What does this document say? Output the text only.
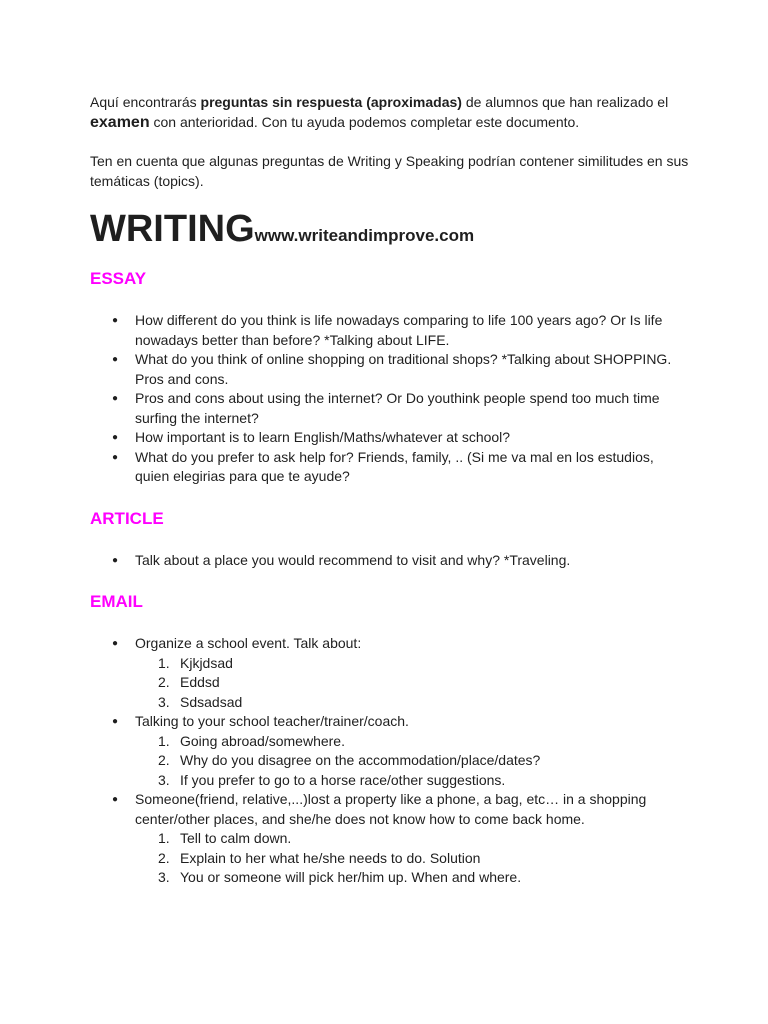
Aquí encontrarás preguntas sin respuesta (aproximadas) de alumnos que han realizado el examen con anterioridad. Con tu ayuda podemos completar este documento.

Ten en cuenta que algunas preguntas de Writing y Speaking podrían contener similitudes en sus temáticas (topics).

WRITINGwww.writeandimprove.com
ESSAY
● How different do you think is life nowadays comparing to life 100 years ago? Or Is life nowadays better than before? *Talking about LIFE.
● What do you think of online shopping on traditional shops? *Talking about SHOPPING. Pros and cons.
● Pros and cons about using the internet? Or Do youthink people spend too much time surfing the internet?
● How important is to learn English/Maths/whatever at school?
● What do you prefer to ask help for? Friends, family, .. (Si me va mal en los estudios, quien elegirias para que te ayude?
ARTICLE
● Talk about a place you would recommend to visit and why? *Traveling.
EMAIL
● Organize a school event. Talk about:
1. Kjkjdsad
2. Eddsd
3. Sdsadsad
● Talking to your school teacher/trainer/coach.
1. Going abroad/somewhere.
2. Why do you disagree on the accommodation/place/dates?
3. If you prefer to go to a horse race/other suggestions.
● Someone(friend, relative,...)lost a property like a phone, a bag, etc… in a shopping center/other places, and she/he does not know how to come back home.
1. Tell to calm down.
2. Explain to her what he/she needs to do. Solution
3. You or someone will pick her/him up. When and where.
